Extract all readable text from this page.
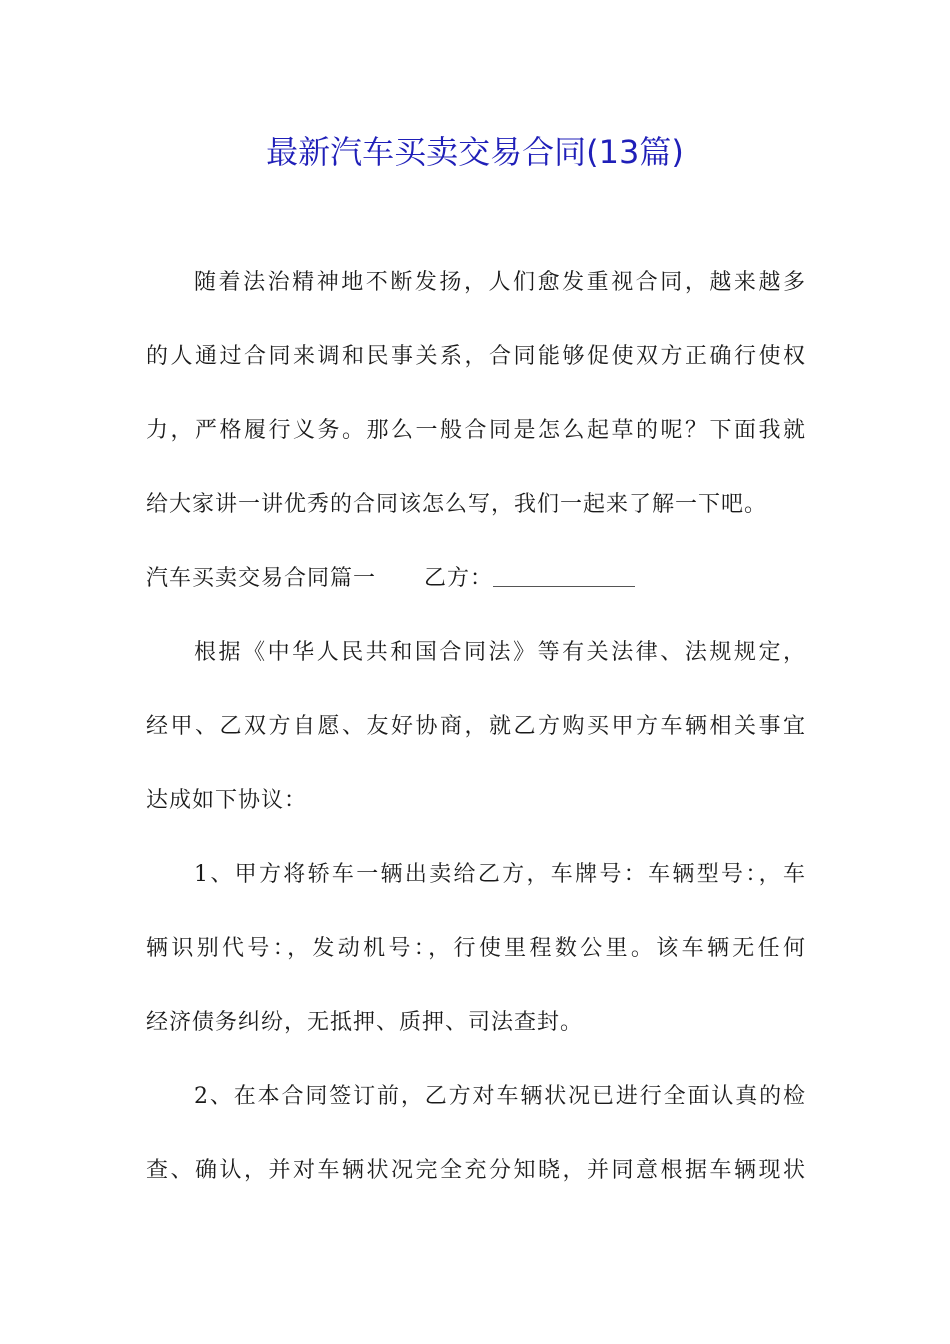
最新汽车买卖交易合同(13篇)
随着法治精神地不断发扬，人们愈发重视合同，越来越多
的人通过合同来调和民事关系，合同能够促使双方正确行使权
力，严格履行义务。那么一般合同是怎么起草的呢？下面我就
给大家讲一讲优秀的合同该怎么写，我们一起来了解一下吧。
汽车买卖交易合同篇一 乙方：
根据《中华人民共和国合同法》等有关法律、法规规定，
经甲、乙双方自愿、友好协商，就乙方购买甲方车辆相关事宜
达成如下协议：
1、甲方将轿车一辆出卖给乙方，车牌号：车辆型号：，车
辆识别代号：，发动机号：，行使里程数公里。该车辆无任何
经济债务纠纷，无抵押、质押、司法查封。
2、在本合同签订前，乙方对车辆状况已进行全面认真的检
查、确认，并对车辆状况完全充分知晓，并同意根据车辆现状
